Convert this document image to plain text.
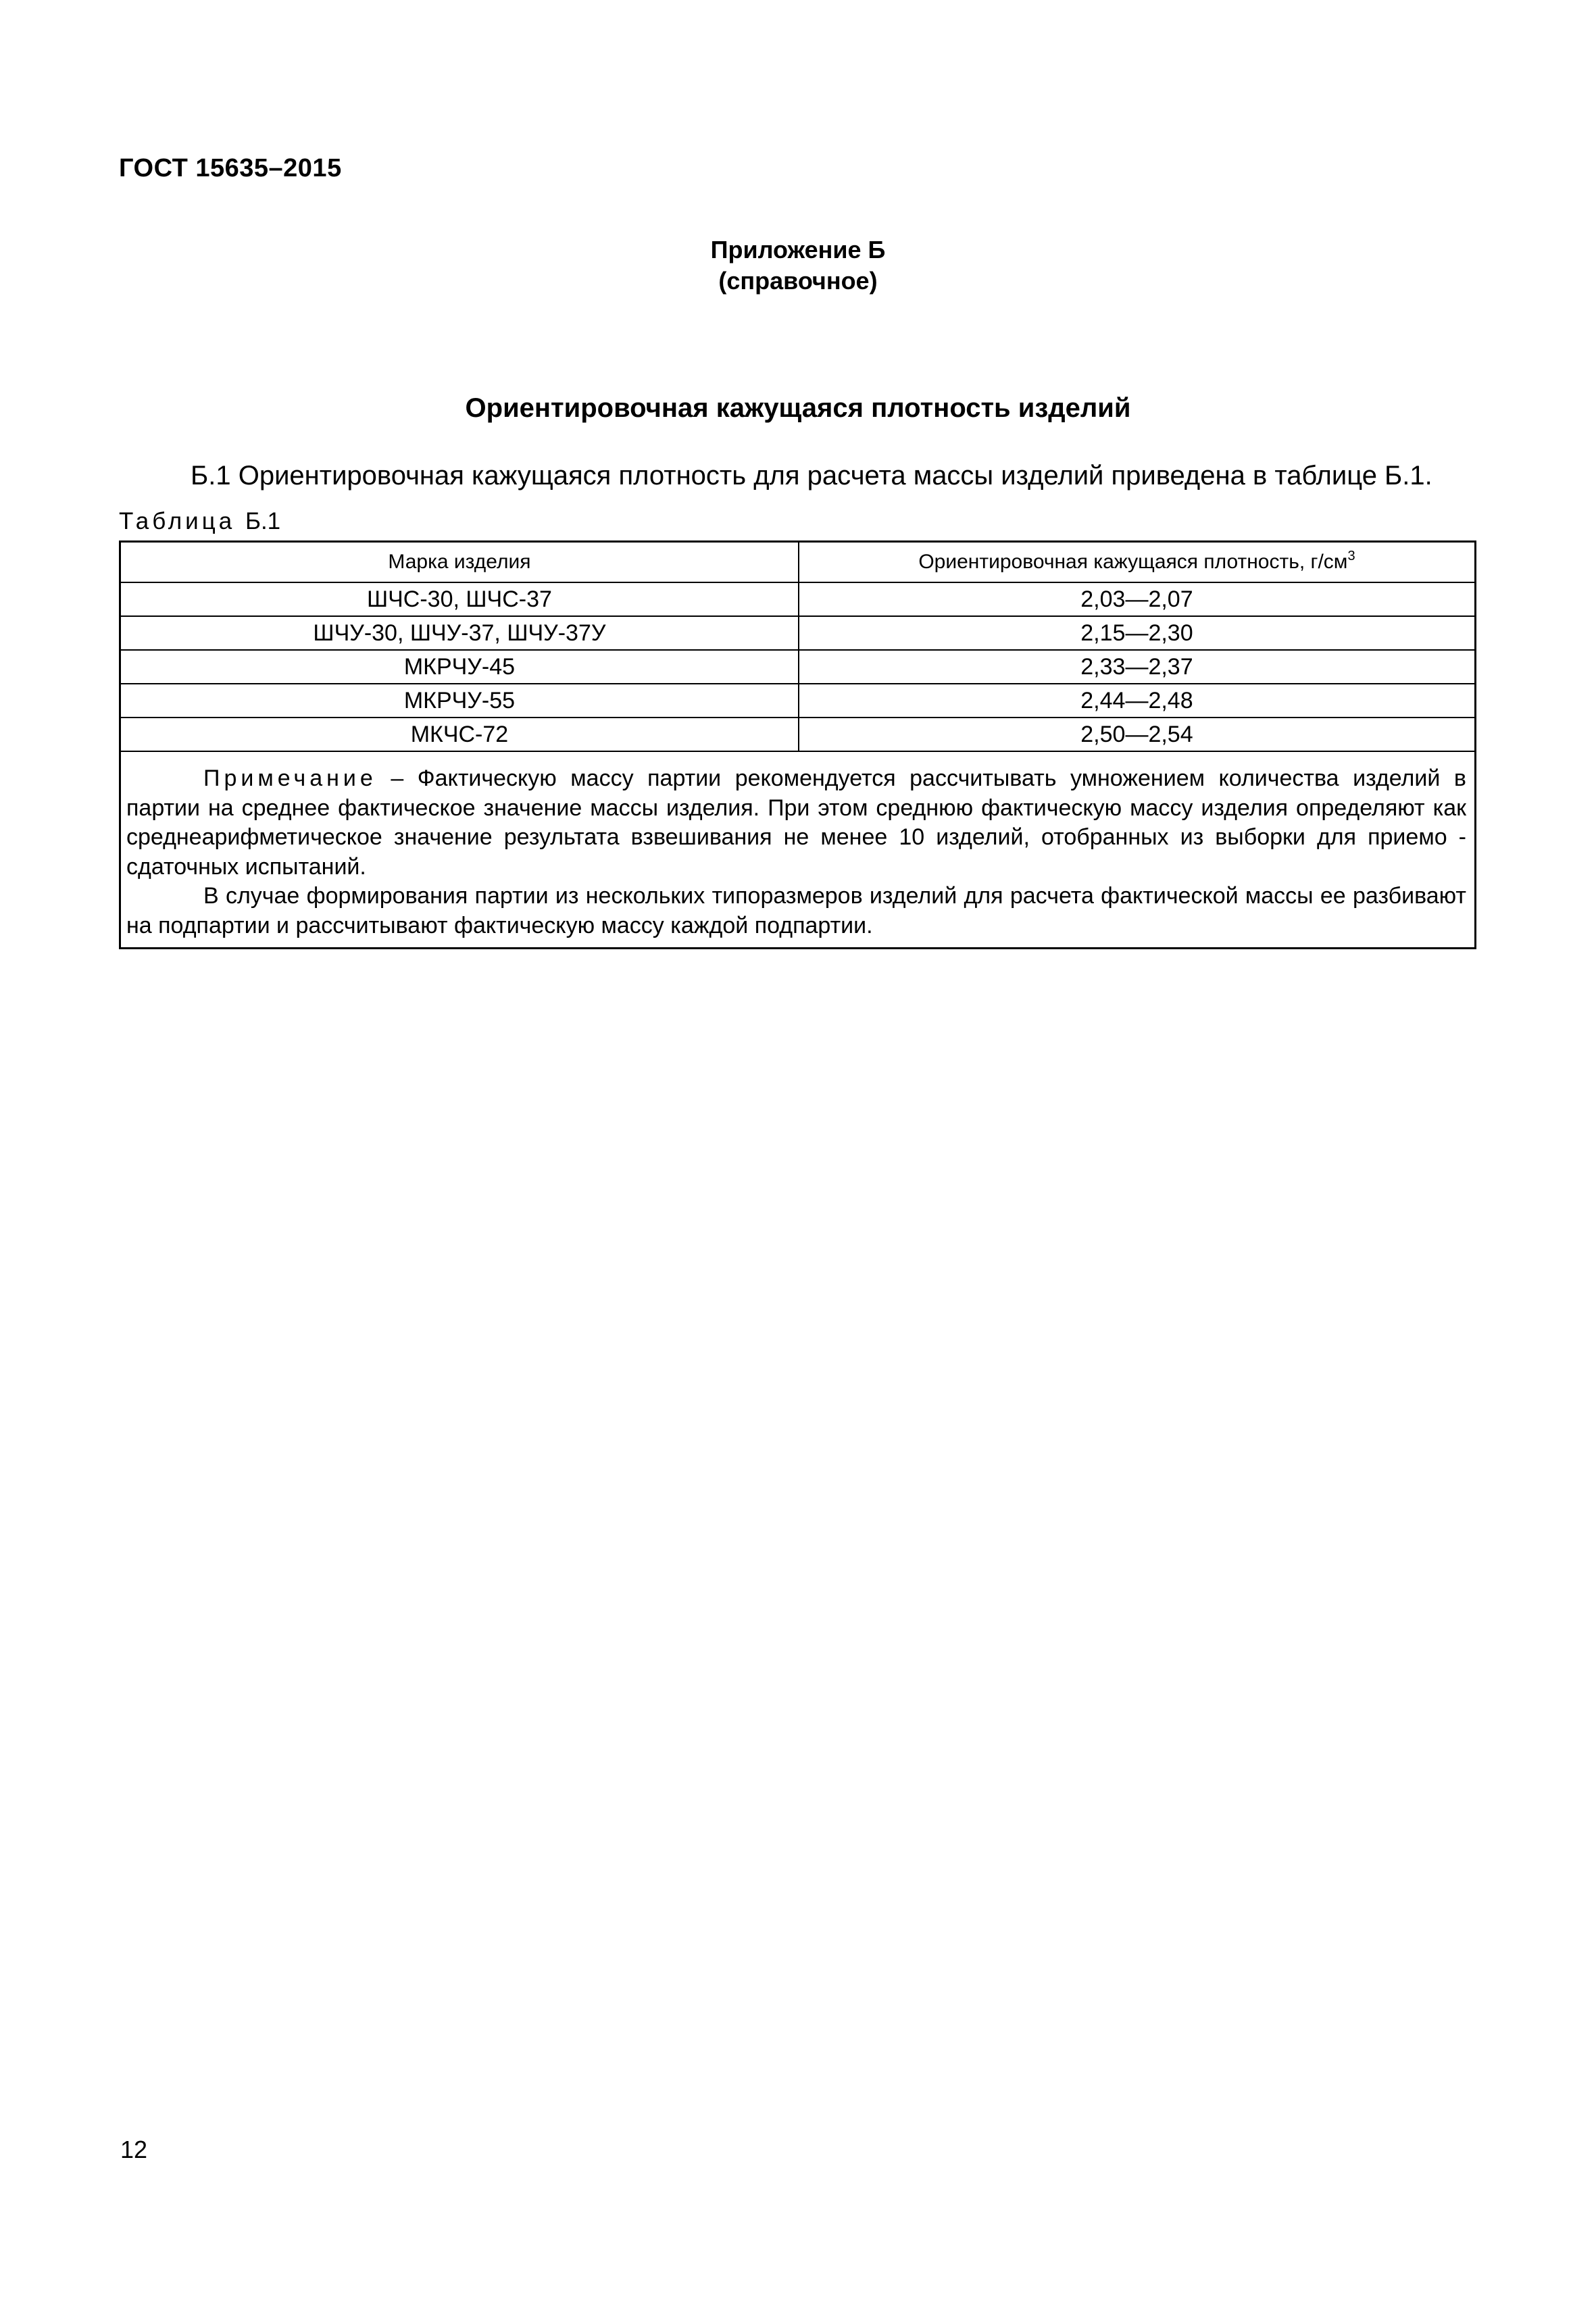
ГОСТ 15635–2015
Приложение Б
(справочное)
Ориентировочная кажущаяся плотность изделий
Б.1 Ориентировочная кажущаяся плотность для расчета массы изделий приведена в таблице Б.1.
Таблица Б.1
Марка изделия	Ориентировочная кажущаяся плотность, $г/см^3$
ШЧС-30, ШЧС-37	2,03—2,07
ШЧУ-30, ШЧУ-37, ШЧУ-37У	2,15—2,30
МКРЧУ-45	2,33—2,37
МКРЧУ-55	2,44—2,48
МКЧС-72	2,50—2,54

Примечание – Фактическую массу партии рекомендуется рассчитывать умножением количества изделий в партии на среднее фактическое значение массы изделия. При этом среднюю фактическую массу изделия определяют как среднеарифметическое значение результата взвешивания не менее 10 изделий, отобранных из выборки для приемо - сдаточных испытаний.

В случае формирования партии из нескольких типоразмеров изделий для расчета фактической массы ее разбивают на подпартии и рассчитывают фактическую массу каждой подпартии.	

12
